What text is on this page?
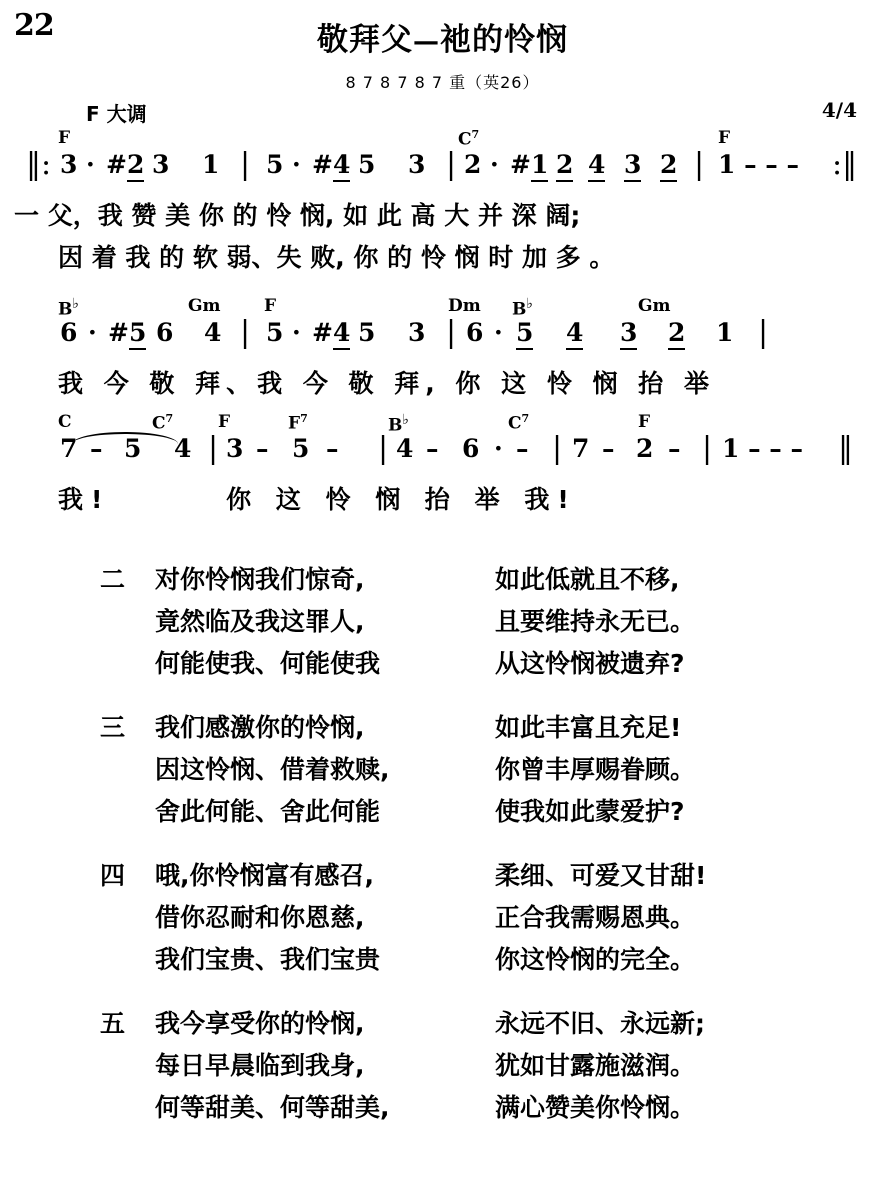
22	敬拜父—祂的怜悯
8 7 8 7 8 7 重（英26）
F 大调	4/4
F	$C^7$	F
‖: 3 · #2 3 1 | 5 · #4 5 3 | 2 · #1 2 4 3 2 | 1 – – – :‖
一 父，我 赞 美 你 的 怜 悯, 如 此 高 大 并 深 阔;
因 着 我 的 软 弱、失 败, 你 的 怜 悯 时 加 多 。
B♭	Gm	F	Dm B♭	Gm
6 · #5 6 4 | 5 · #4 5 3 | 6 · 5 4 3 2 1 |
我 今 敬 拜、我 今 敬 拜, 你 这 怜 悯 抬 举
C	$C^7$	F	$F^7$	B♭	$C^7$	F
7 – 5 4 | 3 – 5 – | 4 – 6 · – | 7 – 2 – | 1 – – – ‖
我!　　　 你 这 怜 悯 抬 举 我!
二 对你怜悯我们惊奇,	如此低就且不移,
竟然临及我这罪人,	且要维持永无已。
何能使我、何能使我	从这怜悯被遗弃?
三 我们感激你的怜悯,	如此丰富且充足!
因这怜悯、借着救赎,	你曾丰厚赐眷顾。
舍此何能、舍此何能	使我如此蒙爱护?
四 哦,你怜悯富有感召,	柔细、可爱又甘甜!
借你忍耐和你恩慈,	正合我需赐恩典。
我们宝贵、我们宝贵	你这怜悯的完全。
五 我今享受你的怜悯,	永远不旧、永远新;
每日早晨临到我身,	犹如甘露施滋润。
何等甜美、何等甜美,	满心赞美你怜悯。
